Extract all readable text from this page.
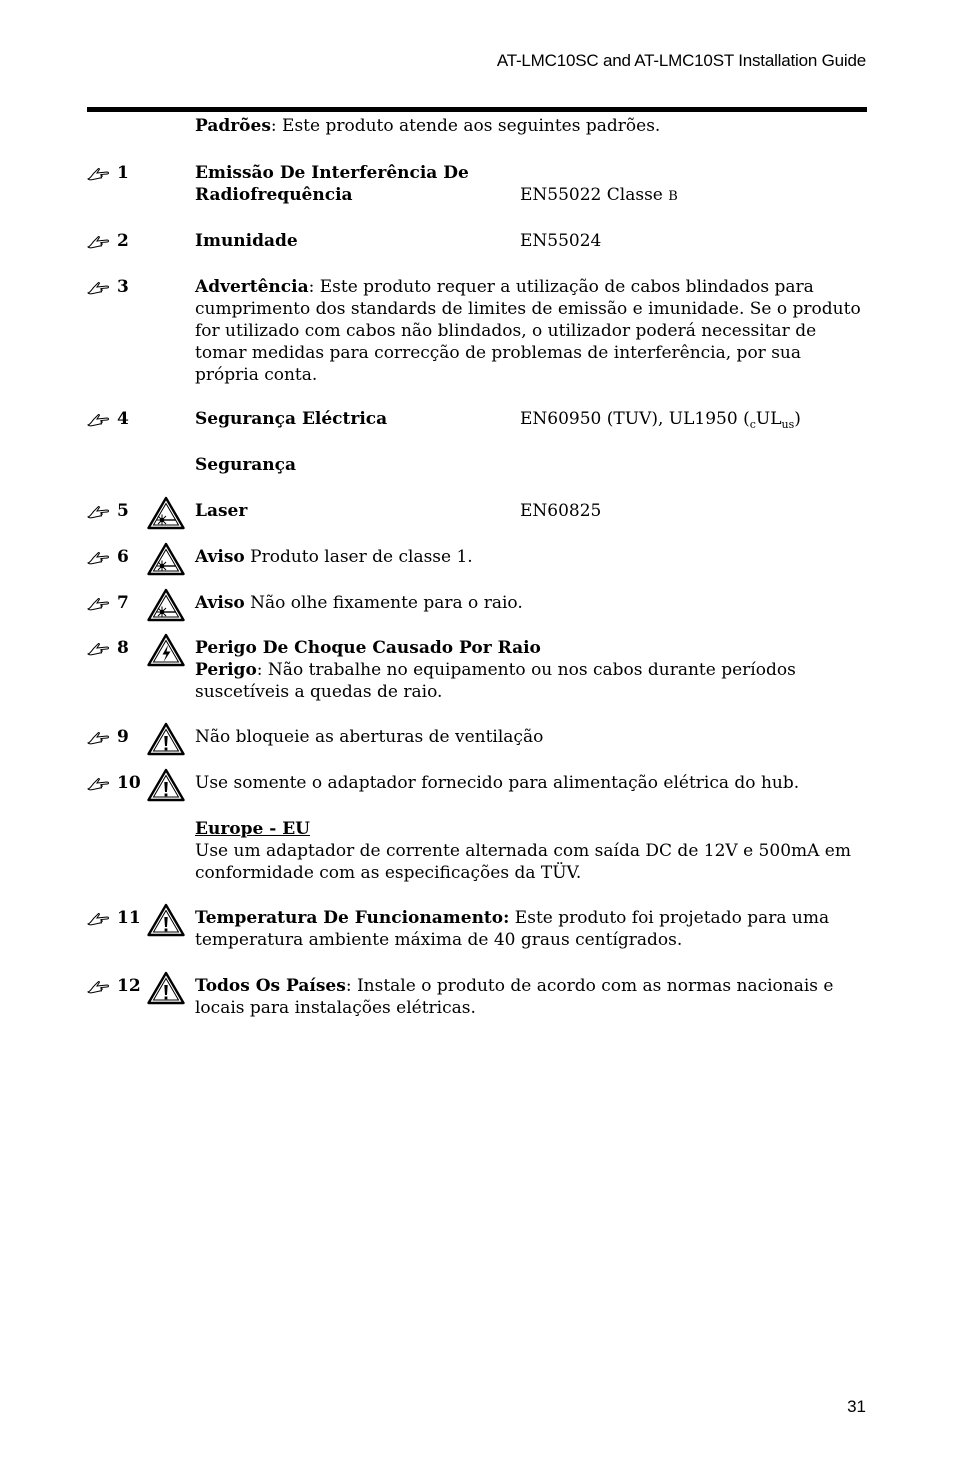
AT-LMC10SC and AT-LMC10ST Installation Guide
Padrões: Este produto atende aos seguintes padrões.
1	Emissão De Interferência De
Radiofrequência	EN55022 Classe B
2	Imunidade	EN55024
3	Advertência: Este produto requer a utilização de cabos blindados para cumprimento dos standards de limites de emissão e imunidade. Se o produto for utilizado com cabos não blindados, o utilizador poderá necessitar de tomar medidas para correcção de problemas de interferência, por sua própria conta.
4	Segurança Eléctrica	EN60950 (TUV), UL1950 $(_cUL_{us})$
Segurança
5	Laser	EN60825
6	Aviso Produto laser de classe 1.
7	Aviso Não olhe fixamente para o raio.
8	Perigo De Choque Causado Por Raio
Perigo: Não trabalhe no equipamento ou nos cabos durante períodos suscetíveis a quedas de raio.
9	Não bloqueie as aberturas de ventilação
10	Use somente o adaptador fornecido para alimentação elétrica do hub.
Europe - EU
Use um adaptador de corrente alternada com saída DC de 12V e 500mA em conformidade com as especificações da TÜV.
11	Temperatura De Funcionamento: Este produto foi projetado para uma temperatura ambiente máxima de 40 graus centígrados.
12	Todos Os Países: Instale o produto de acordo com as normas nacionais e locais para instalações elétricas.
31
